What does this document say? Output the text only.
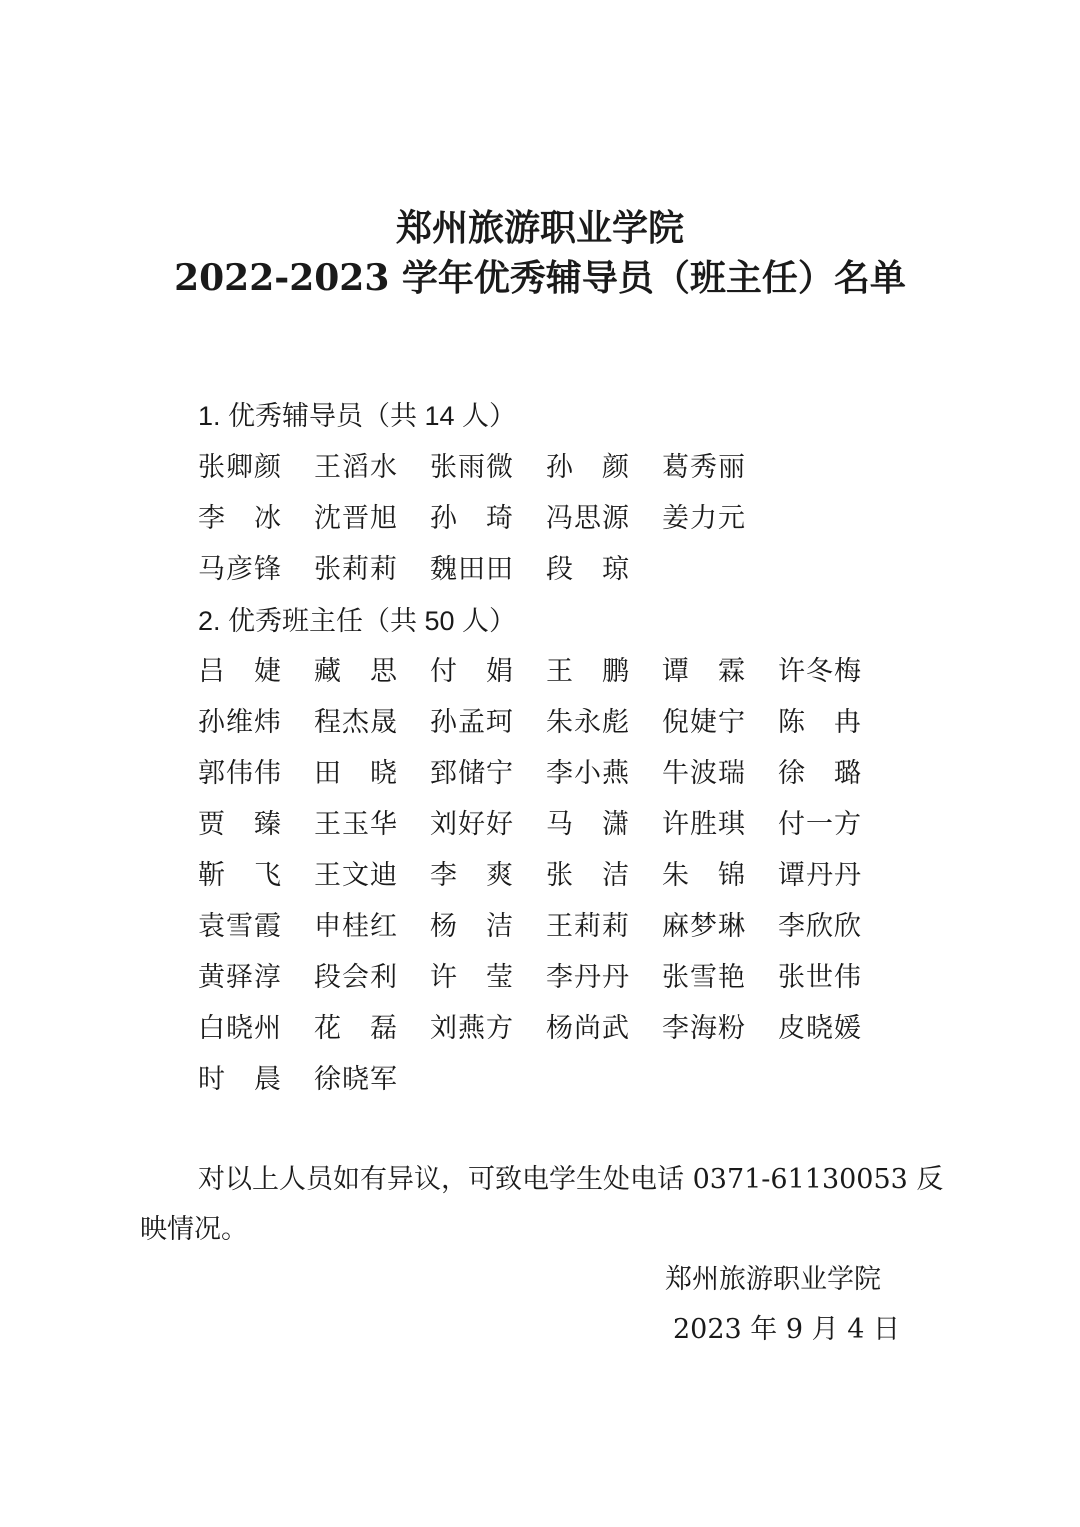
郑州旅游职业学院
2022-2023 学年优秀辅导员（班主任）名单
1. 优秀辅导员（共 14 人）
张卿颜	王滔水	张雨微	孙　颜	葛秀丽
李　冰	沈晋旭	孙　琦	冯思源	姜力元
马彦锋	张莉莉	魏田田	段　琼
2. 优秀班主任（共 50 人）
吕　婕	藏　思	付　娟	王　鹏	谭　霖	许冬梅
孙维炜	程杰晟	孙孟珂	朱永彪	倪婕宁	陈　冉
郭伟伟	田　晓	郅储宁	李小燕	牛波瑞	徐　璐
贾　臻	王玉华	刘好好	马　潇	许胜琪	付一方
靳　飞	王文迪	李　爽	张　洁	朱　锦	谭丹丹
袁雪霞	申桂红	杨　洁	王莉莉	麻梦琳	李欣欣
黄驿淳	段会利	许　莹	李丹丹	张雪艳	张世伟
白晓州	花　磊	刘燕方	杨尚武	李海粉	皮晓媛
时　晨	徐晓军
对以上人员如有异议，可致电学生处电话 0371-61130053 反
映情况。
郑州旅游职业学院
2023 年 9 月 4 日
